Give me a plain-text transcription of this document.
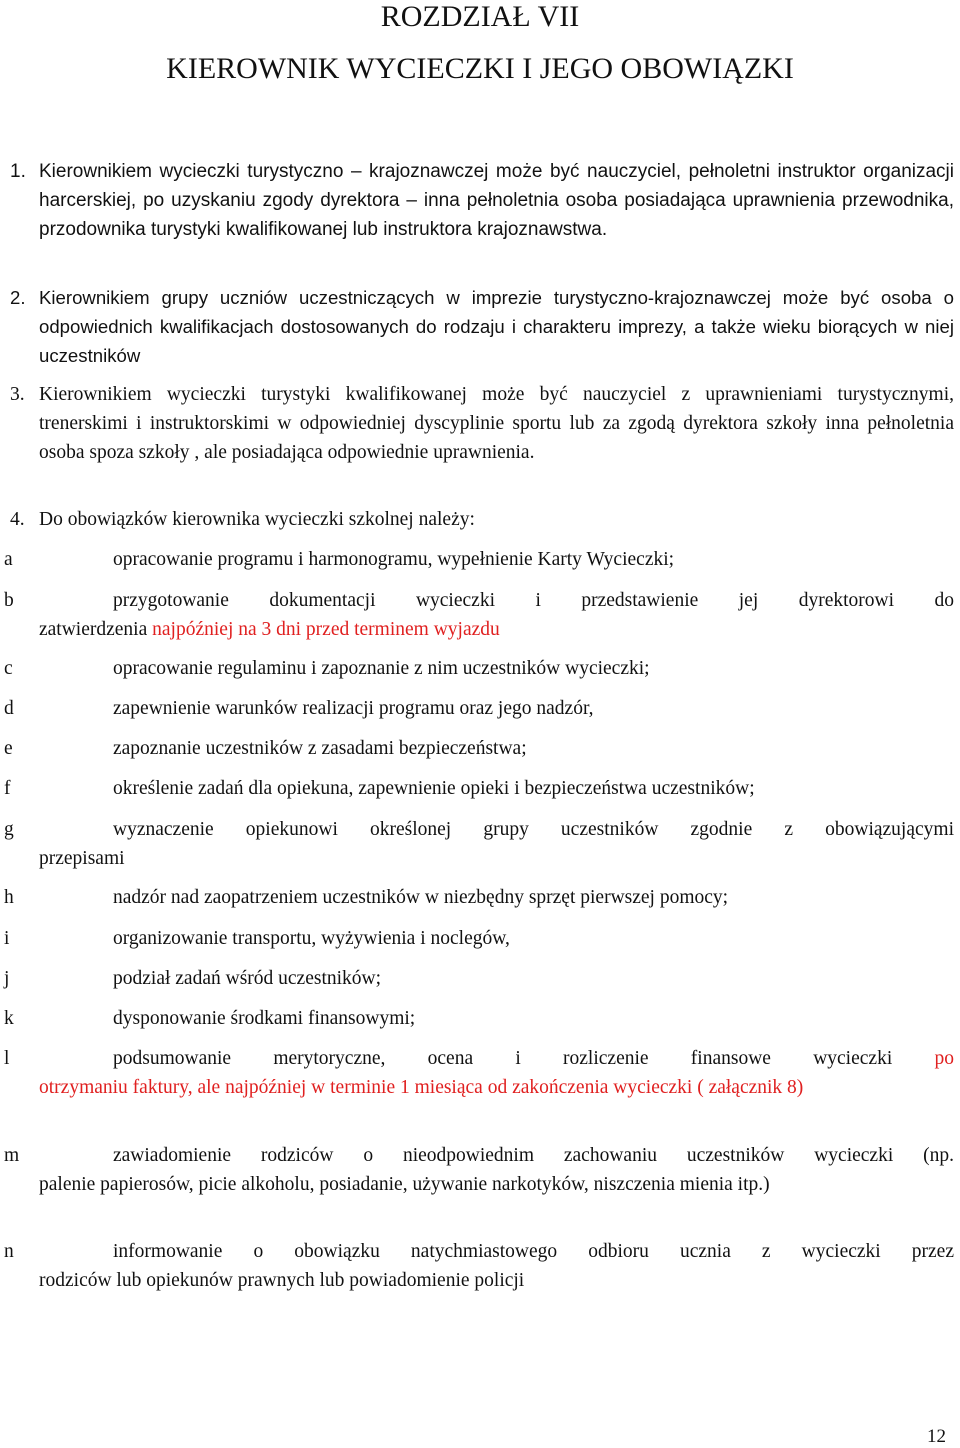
ROZDZIAŁ VII
KIEROWNIK WYCIECZKI I JEGO OBOWIĄZKI
1. Kierownikiem wycieczki turystyczno – krajoznawczej może być nauczyciel, pełnoletni instruktor organizacji harcerskiej, po uzyskaniu zgody dyrektora – inna pełnoletnia osoba posiadająca uprawnienia przewodnika, przodownika turystyki kwalifikowanej lub instruktora krajoznawstwa.
2. Kierownikiem grupy uczniów uczestniczących w imprezie turystyczno-krajoznawczej może być osoba o odpowiednich kwalifikacjach dostosowanych do rodzaju i charakteru imprezy, a także wieku biorących w niej uczestników
3. Kierownikiem wycieczki turystyki kwalifikowanej może być nauczyciel z uprawnieniami turystycznymi, trenerskimi i instruktorskimi w odpowiedniej dyscyplinie sportu lub za zgodą dyrektora szkoły inna pełnoletnia osoba spoza szkoły , ale posiadająca odpowiednie uprawnienia.
4. Do obowiązków kierownika wycieczki szkolnej należy:
a	opracowanie programu i harmonogramu, wypełnienie Karty Wycieczki;
b	przygotowanie dokumentacji wycieczki i przedstawienie jej dyrektorowi do
zatwierdzenia najpóźniej na 3 dni przed terminem wyjazdu
c	opracowanie regulaminu i zapoznanie z nim uczestników wycieczki;
d	zapewnienie warunków realizacji programu oraz jego nadzór,
e	zapoznanie uczestników z zasadami bezpieczeństwa;
f	określenie zadań dla opiekuna, zapewnienie opieki i bezpieczeństwa uczestników;
g	wyznaczenie opiekunowi określonej grupy uczestników zgodnie z obowiązującymi
przepisami
h	nadzór nad zaopatrzeniem uczestników w niezbędny sprzęt pierwszej pomocy;
i	organizowanie transportu, wyżywienia i noclegów,
j	podział zadań wśród uczestników;
k	dysponowanie środkami finansowymi;
l	podsumowanie merytoryczne, ocena i rozliczenie finansowe wycieczki po
otrzymaniu faktury, ale najpóźniej w terminie 1 miesiąca od zakończenia wycieczki ( załącznik 8)
m	zawiadomienie rodziców o nieodpowiednim zachowaniu uczestników wycieczki (np.
palenie papierosów, picie alkoholu, posiadanie, używanie narkotyków, niszczenia mienia itp.)
n	informowanie o obowiązku natychmiastowego odbioru ucznia z wycieczki przez
rodziców lub opiekunów prawnych lub powiadomienie policji
12
